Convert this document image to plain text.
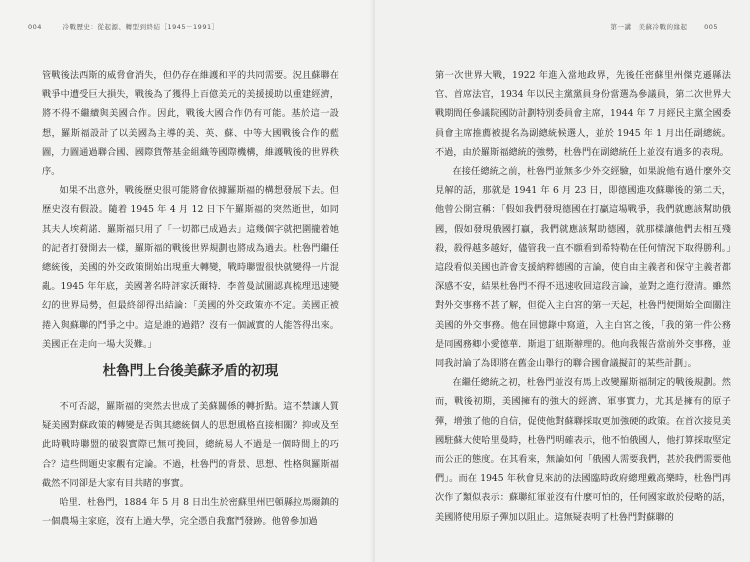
004	冷戰歷史：從起源、轉型到終結［1945－1991］

管戰後法西斯的威脅會消失，但仍存在維護和平的共同需要。況且蘇聯在戰爭中遭受巨大損失，戰後為了獲得上百億美元的美援援助以重建經濟，將不得不繼續與美國合作。因此，戰後大國合作仍有可能。基於這一設想，羅斯福設計了以美國為主導的美、英、蘇、中等大國戰後合作的藍圖，力圖通過聯合國、國際貨幣基金組織等國際機構，維護戰後的世界秩序。

如果不出意外，戰後歷史很可能將會依據羅斯福的構想發展下去。但歷史沒有假設。隨着 1945 年 4 月 12 日下午羅斯福的突然逝世，如同其夫人埃莉諾．羅斯福只用了「一切都已成過去」這幾個字就把圍攏着她的記者打發開去一樣，羅斯福的戰後世界規劃也將成為過去。杜魯門繼任總統後，美國的外交政策開始出現重大轉變，戰時聯盟很快就變得一片混亂。1945 年年底，美國著名時評家沃爾特．李普曼試圖認真梳理迅速變幻的世界局勢，但最終卻得出結論：「美國的外交政策亦不定。美國正被捲入與蘇聯的鬥爭之中。這是誰的過錯？沒有一個誠實的人能答得出來。美國正在走向一場大災難。」

杜魯門上台後美蘇矛盾的初現

不可否認，羅斯福的突然去世成了美蘇關係的轉折點。這不禁讓人質疑美國對蘇政策的轉變是否與其總統個人的思想風格直接相關？抑或及至此時戰時聯盟的破裂實際已無可挽回，總統易人不過是一個時間上的巧合？這些問題史家觀有定論。不過，杜魯門的背景、思想、性格與羅斯福截然不同卻是大家有目共睹的事實。

哈里．杜魯門，1884 年 5 月 8 日出生於密蘇里州巴頓縣拉馬爾鎮的一個農場主家庭，沒有上過大學，完全憑自我奮鬥發跡。他曾參加過

第一講　美蘇冷戰的緣起	005

第一次世界大戰，1922 年進入當地政界，先後任密蘇里州傑克遜縣法官、首席法官，1934 年以民主黨黨員身份當選為參議員，第二次世界大戰期間任參議院國防計劃特別委員會主席，1944 年 7 月經民主黨全國委員會主席推薦被提名為副總統候選人，並於 1945 年 1 月出任副總統。不過，由於羅斯福總統的強勢，杜魯門在副總統任上並沒有過多的表現。

在接任總統之前，杜魯門並無多少外交經驗，如果說他有過什麼外交見解的話，那就是 1941 年 6 月 23 日，即德國進攻蘇聯後的第二天，他曾公開宣稱：「假如我們發現德國在打贏這場戰爭，我們就應該幫助俄國，假如發現俄國打贏，我們就應該幫助德國，就那樣讓他們去相互殘殺，殺得越多越好，儘管我一直不願看到希特勒在任何情況下取得勝利。」這段看似美國也許會支援納粹德國的言論，使自由主義者和保守主義者都深感不安，結果杜魯門不得不迅速收回這段言論，並對之進行澄清。雖然對外交事務不甚了解，但從入主白宮的第一天起，杜魯門便開始全面關注美國的外交事務。他在回憶錄中寫道，入主白宮之後，「我的第一件公務是同國務卿小愛德華．斯退丁紐斯辦理的。他向我報告當前外交事務，並同我討論了為即將在舊金山舉行的聯合國會議擬訂的某些計劃」。

在繼任總統之初，杜魯門並沒有馬上改變羅斯福制定的戰後規劃。然而，戰後初期，美國擁有的強大的經濟、軍事實力，尤其是擁有的原子彈，增強了他的自信，促使他對蘇聯採取更加強硬的政策。在首次接見美國駐蘇大使哈里曼時，杜魯門明確表示，他不怕俄國人，他打算採取堅定而公正的態度。在其看來，無論如何「俄國人需要我們，甚於我們需要他們」。而在 1945 年秋會見來訪的法國臨時政府總理戴高樂時，杜魯門再次作了類似表示：蘇聯紅軍並沒有什麼可怕的，任何國家敢於侵略的話，美國將使用原子彈加以阻止。這無疑表明了杜魯門對蘇聯的
